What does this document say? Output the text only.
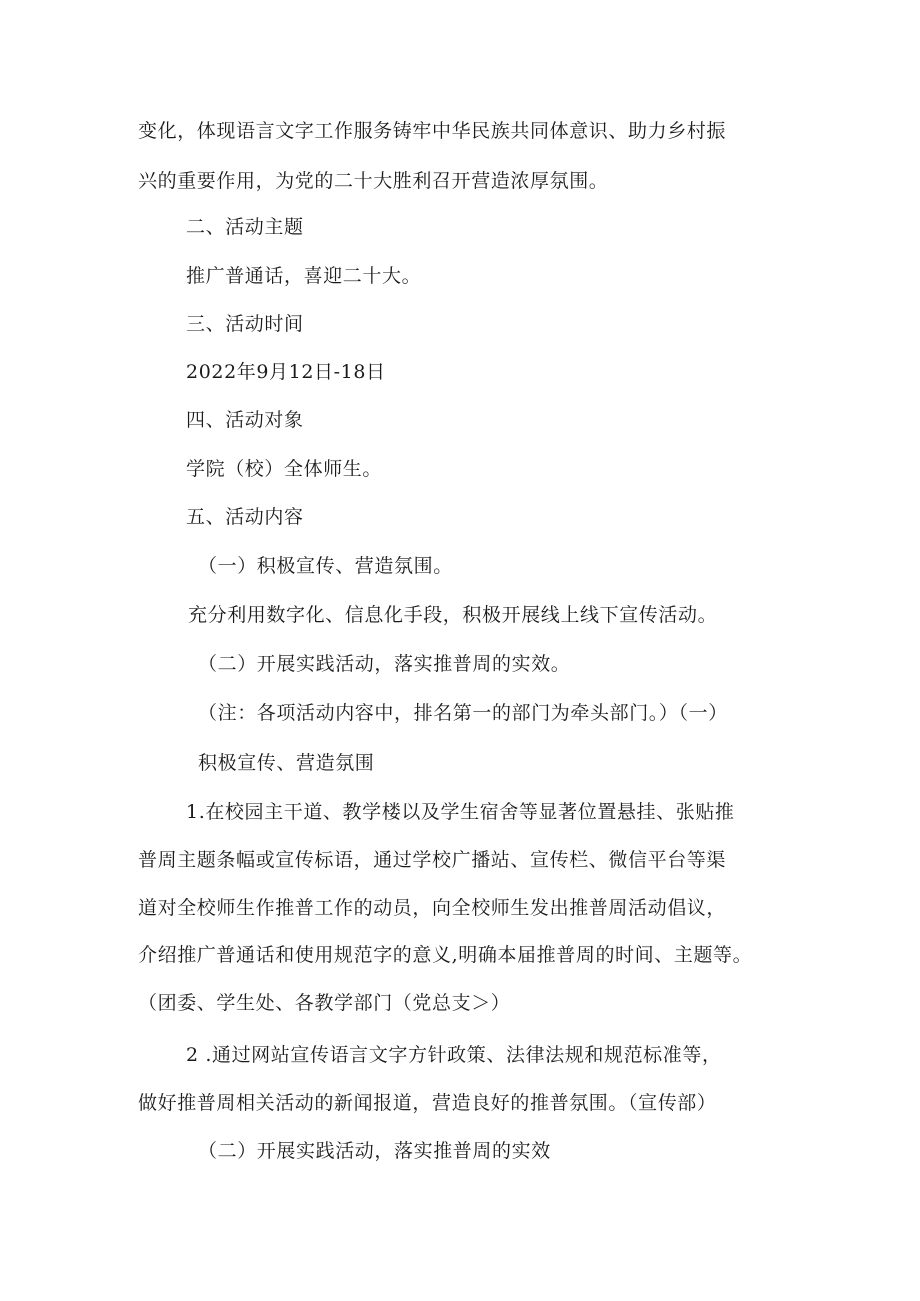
变化，体现语言文字工作服务铸牢中华民族共同体意识、助力乡村振
兴的重要作用，为党的二十大胜利召开营造浓厚氛围。
二、活动主题
推广普通话，喜迎二十大。
三、活动时间
2022年9月12日-18日
四、活动对象
学院（校）全体师生。
五、活动内容
（一）积极宣传、营造氛围。
充分利用数字化、信息化手段，积极开展线上线下宣传活动。
（二）开展实践活动，落实推普周的实效。
（注：各项活动内容中，排名第一的部门为牵头部门。）（一）
积极宣传、营造氛围
1.在校园主干道、教学楼以及学生宿舍等显著位置悬挂、张贴推
普周主题条幅或宣传标语，通过学校广播站、宣传栏、微信平台等渠
道对全校师生作推普工作的动员，向全校师生发出推普周活动倡议，
介绍推广普通话和使用规范字的意义,明确本届推普周的时间、主题等。
（团委、学生处、各教学部门（党总支＞）
2 .通过网站宣传语言文字方针政策、法律法规和规范标准等，
做好推普周相关活动的新闻报道，营造良好的推普氛围。（宣传部）
（二）开展实践活动，落实推普周的实效
